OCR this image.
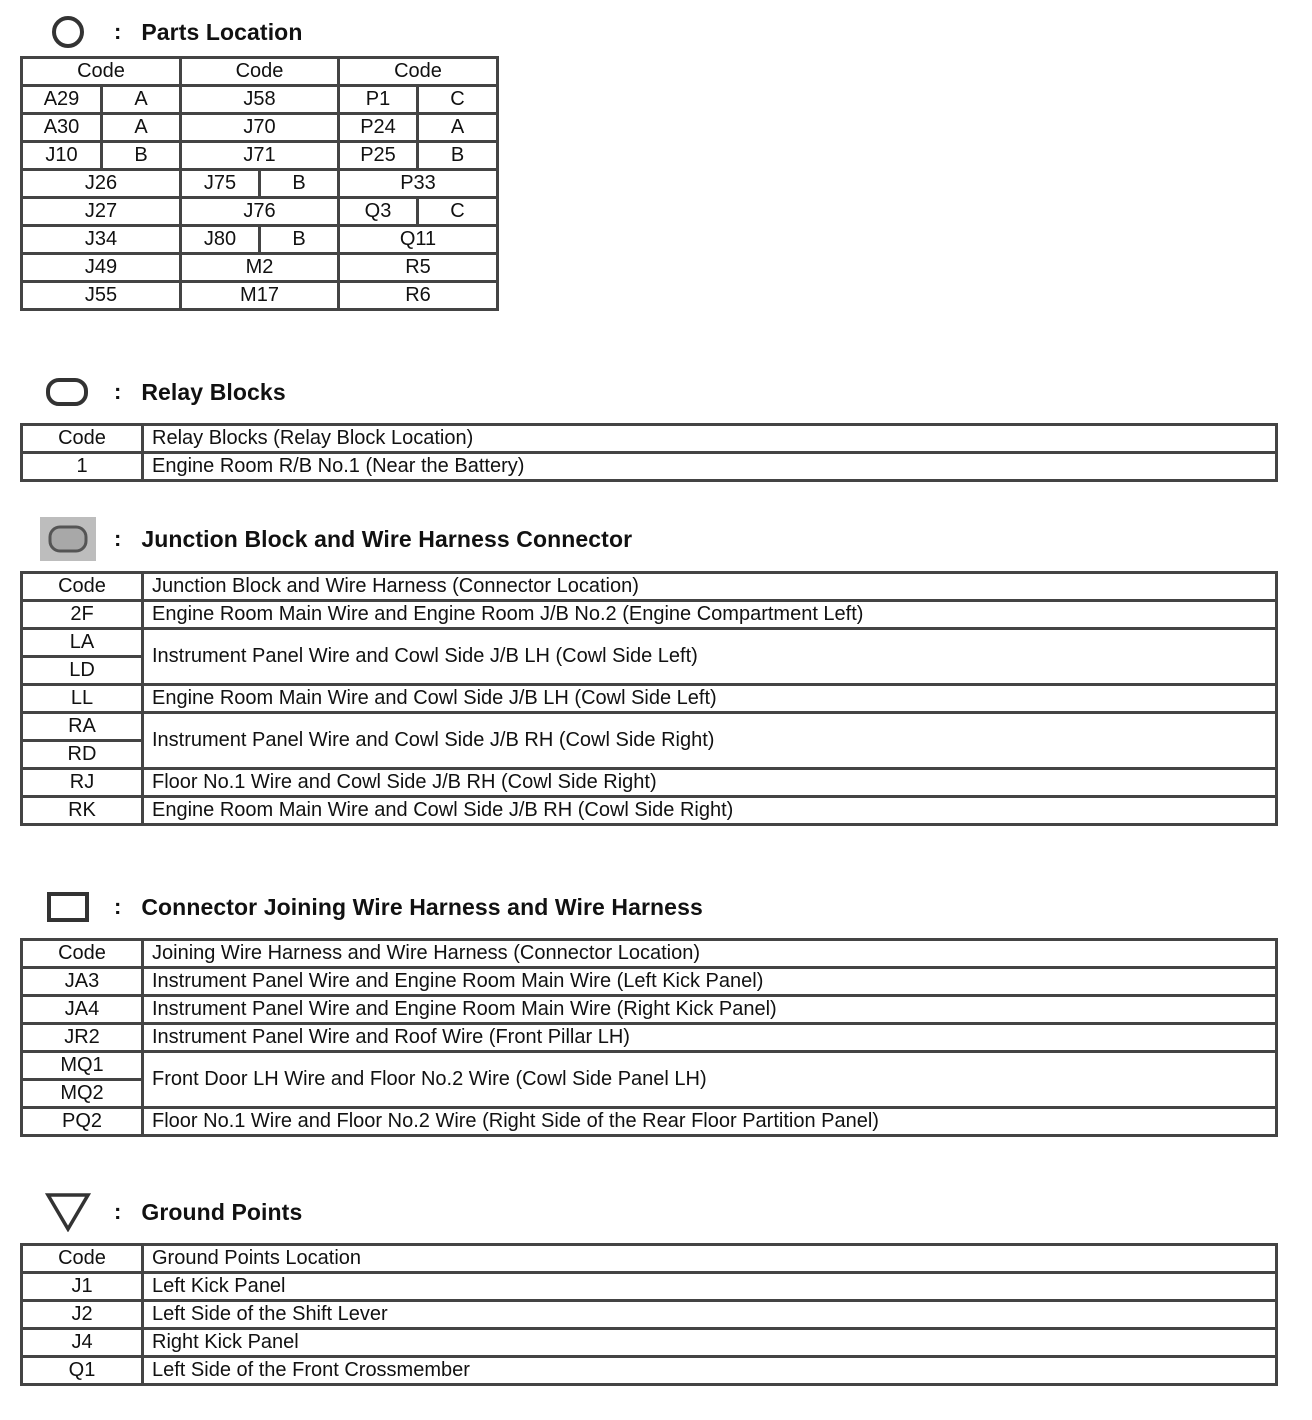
: Parts Location
Code		Code		Code	
A29	A	J58		P1	C
A30	A	J70		P24	A
J10	B	J71		P25	B
J26		J75	B	P33	
J27		J76		Q3	C
J34		J80	B	Q11	
J49		M2		R5	
J55		M17		R6	
: Relay Blocks
Code	Relay Blocks (Relay Block Location)
1	Engine Room R/B No.1 (Near the Battery)
: Junction Block and Wire Harness Connector
Code	Junction Block and Wire Harness (Connector Location)
2F	Engine Room Main Wire and Engine Room J/B No.2 (Engine Compartment Left)
LA	Instrument Panel Wire and Cowl Side J/B LH (Cowl Side Left)
LD	
LL	Engine Room Main Wire and Cowl Side J/B LH (Cowl Side Left)
RA	Instrument Panel Wire and Cowl Side J/B RH (Cowl Side Right)
RD	
RJ	Floor No.1 Wire and Cowl Side J/B RH (Cowl Side Right)
RK	Engine Room Main Wire and Cowl Side J/B RH (Cowl Side Right)
: Connector Joining Wire Harness and Wire Harness
Code	Joining Wire Harness and Wire Harness (Connector Location)
JA3	Instrument Panel Wire and Engine Room Main Wire (Left Kick Panel)
JA4	Instrument Panel Wire and Engine Room Main Wire (Right Kick Panel)
JR2	Instrument Panel Wire and Roof Wire (Front Pillar LH)
MQ1	Front Door LH Wire and Floor No.2 Wire (Cowl Side Panel LH)
MQ2	
PQ2	Floor No.1 Wire and Floor No.2 Wire (Right Side of the Rear Floor Partition Panel)
: Ground Points
Code	Ground Points Location
J1	Left Kick Panel
J2	Left Side of the Shift Lever
J4	Right Kick Panel
Q1	Left Side of the Front Crossmember
